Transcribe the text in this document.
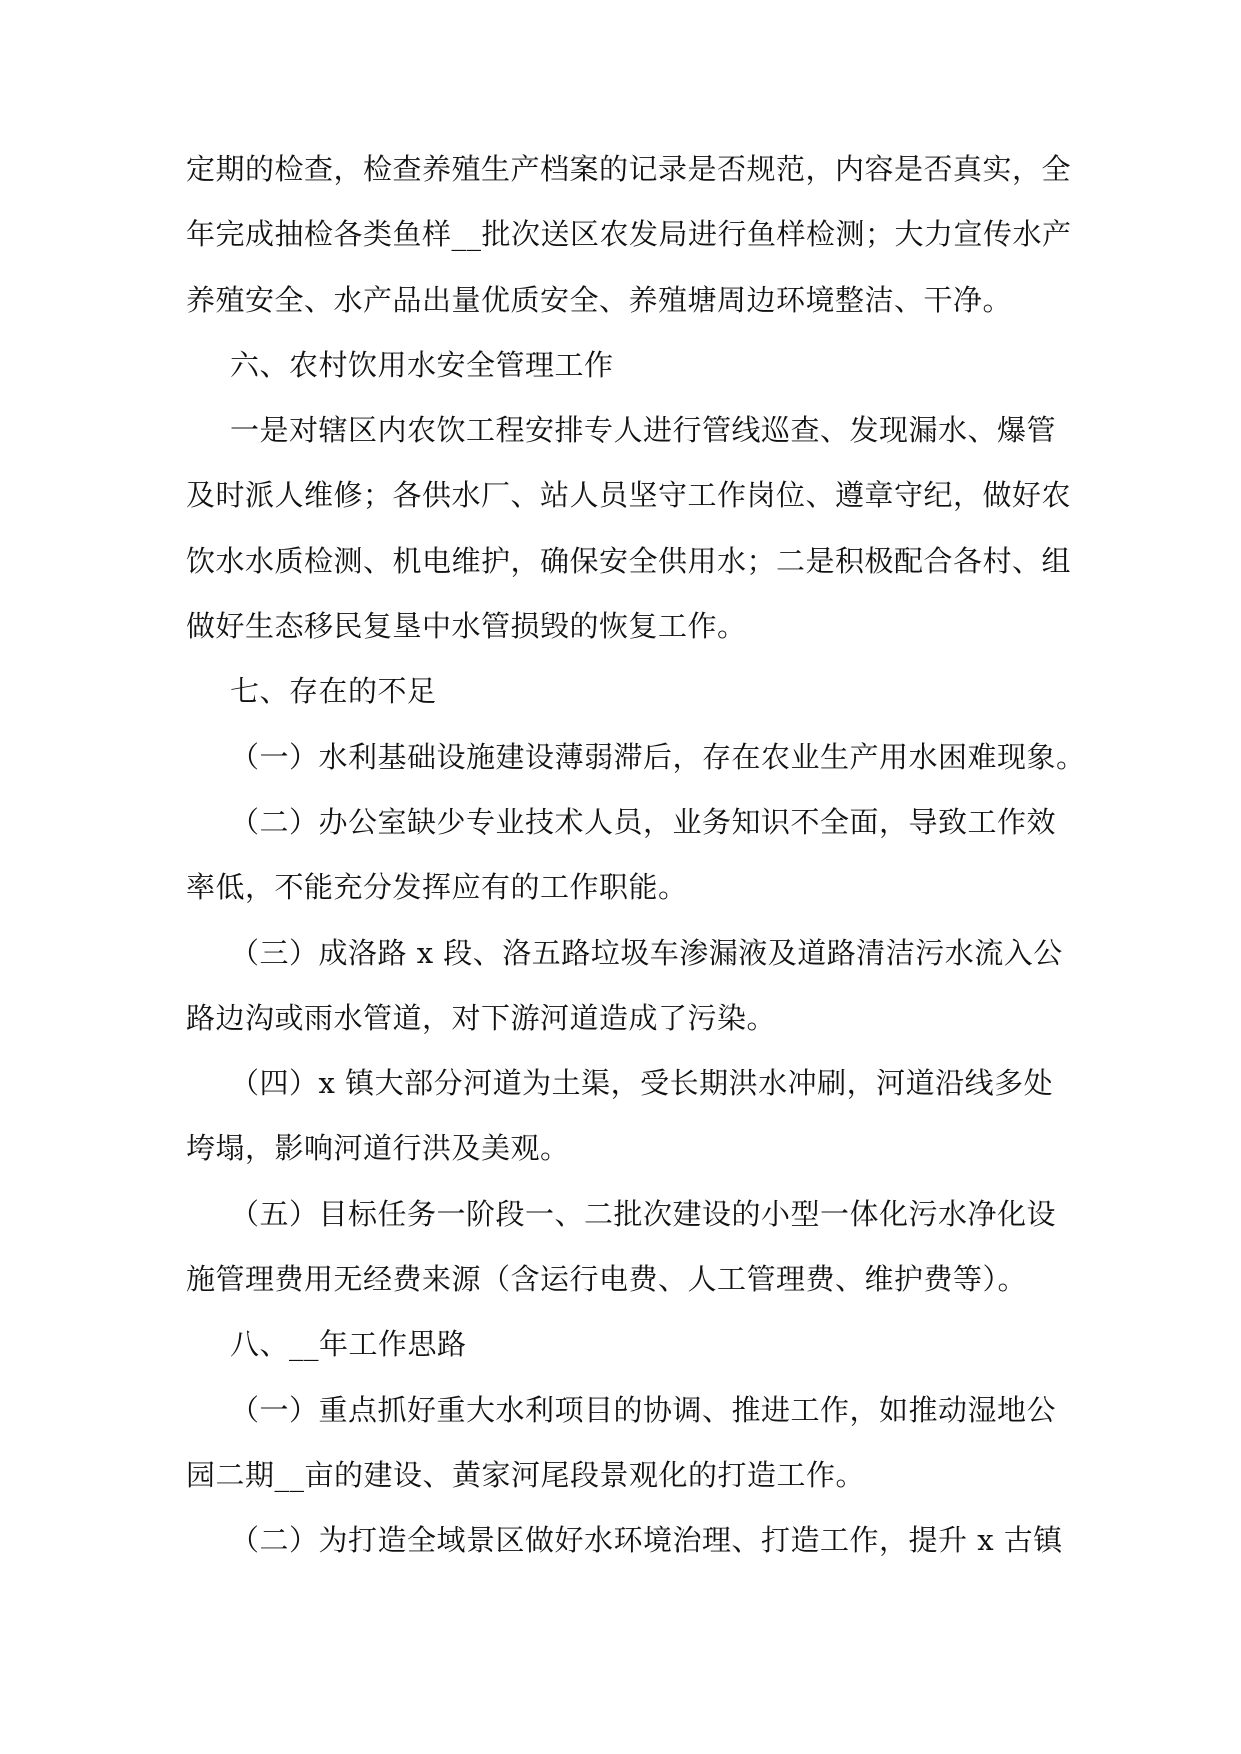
定期的检查，检查养殖生产档案的记录是否规范，内容是否真实，全
年完成抽检各类鱼样__批次送区农发局进行鱼样检测；大力宣传水产
养殖安全、水产品出量优质安全、养殖塘周边环境整洁、干净。
六、农村饮用水安全管理工作
一是对辖区内农饮工程安排专人进行管线巡查、发现漏水、爆管
及时派人维修；各供水厂、站人员坚守工作岗位、遵章守纪，做好农
饮水水质检测、机电维护，确保安全供用水；二是积极配合各村、组
做好生态移民复垦中水管损毁的恢复工作。
七、存在的不足
（一）水利基础设施建设薄弱滞后，存在农业生产用水困难现象。
（二）办公室缺少专业技术人员，业务知识不全面，导致工作效
率低，不能充分发挥应有的工作职能。
（三）成洛路 x 段、洛五路垃圾车渗漏液及道路清洁污水流入公
路边沟或雨水管道，对下游河道造成了污染。
（四）x 镇大部分河道为土渠，受长期洪水冲刷，河道沿线多处
垮塌，影响河道行洪及美观。
（五）目标任务一阶段一、二批次建设的小型一体化污水净化设
施管理费用无经费来源（含运行电费、人工管理费、维护费等）。
八、__年工作思路
（一）重点抓好重大水利项目的协调、推进工作，如推动湿地公
园二期__亩的建设、黄家河尾段景观化的打造工作。
（二）为打造全域景区做好水环境治理、打造工作，提升 x 古镇
